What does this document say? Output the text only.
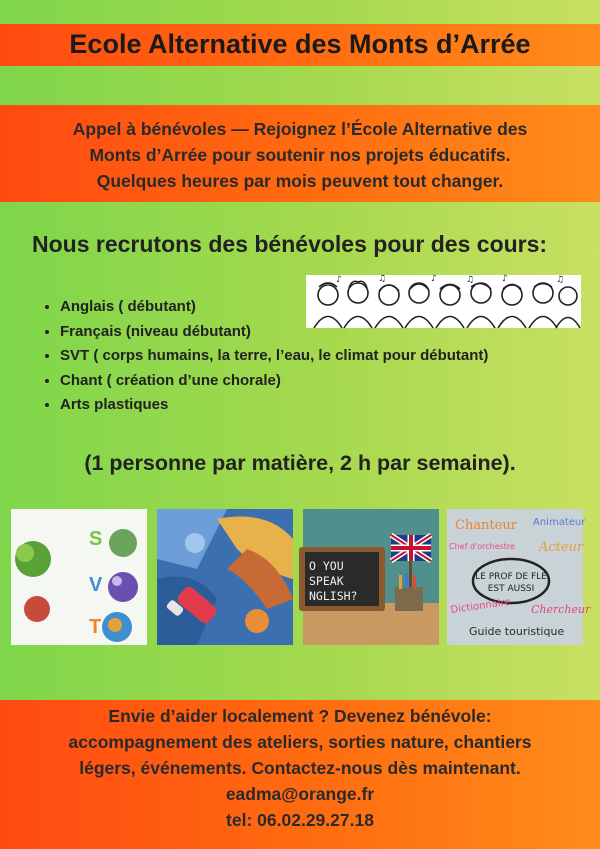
Ecole Alternative des Monts d’Arrée
Appel à bénévoles — Rejoignez l’École Alternative des
Monts d’Arrée pour soutenir nos projets éducatifs.
Quelques heures par mois peuvent tout changer.
Nous recrutons des bénévoles pour des cours:
♪	♫	♪	♫	♪	♫
• Anglais ( débutant)
• Français (niveau débutant)
• SVT ( corps humains, la terre, l’eau, le climat pour débutant)
• Chant ( création d’une chorale)
• Arts plastiques
(1 personne par matière, 2 h par semaine).
S
V
T
O YOU
SPEAK
NGLISH?
Chanteur Animateur
Acteur
Chef d'orchestre
LE PROF DE FLE
EST AUSSI
Dictionnaire Chercheur
Guide touristique
Envie d’aider localement ? Devenez bénévole:
accompagnement des ateliers, sorties nature, chantiers
légers, événements. Contactez-nous dès maintenant.
eadma@orange.fr
tel: 06.02.29.27.18
